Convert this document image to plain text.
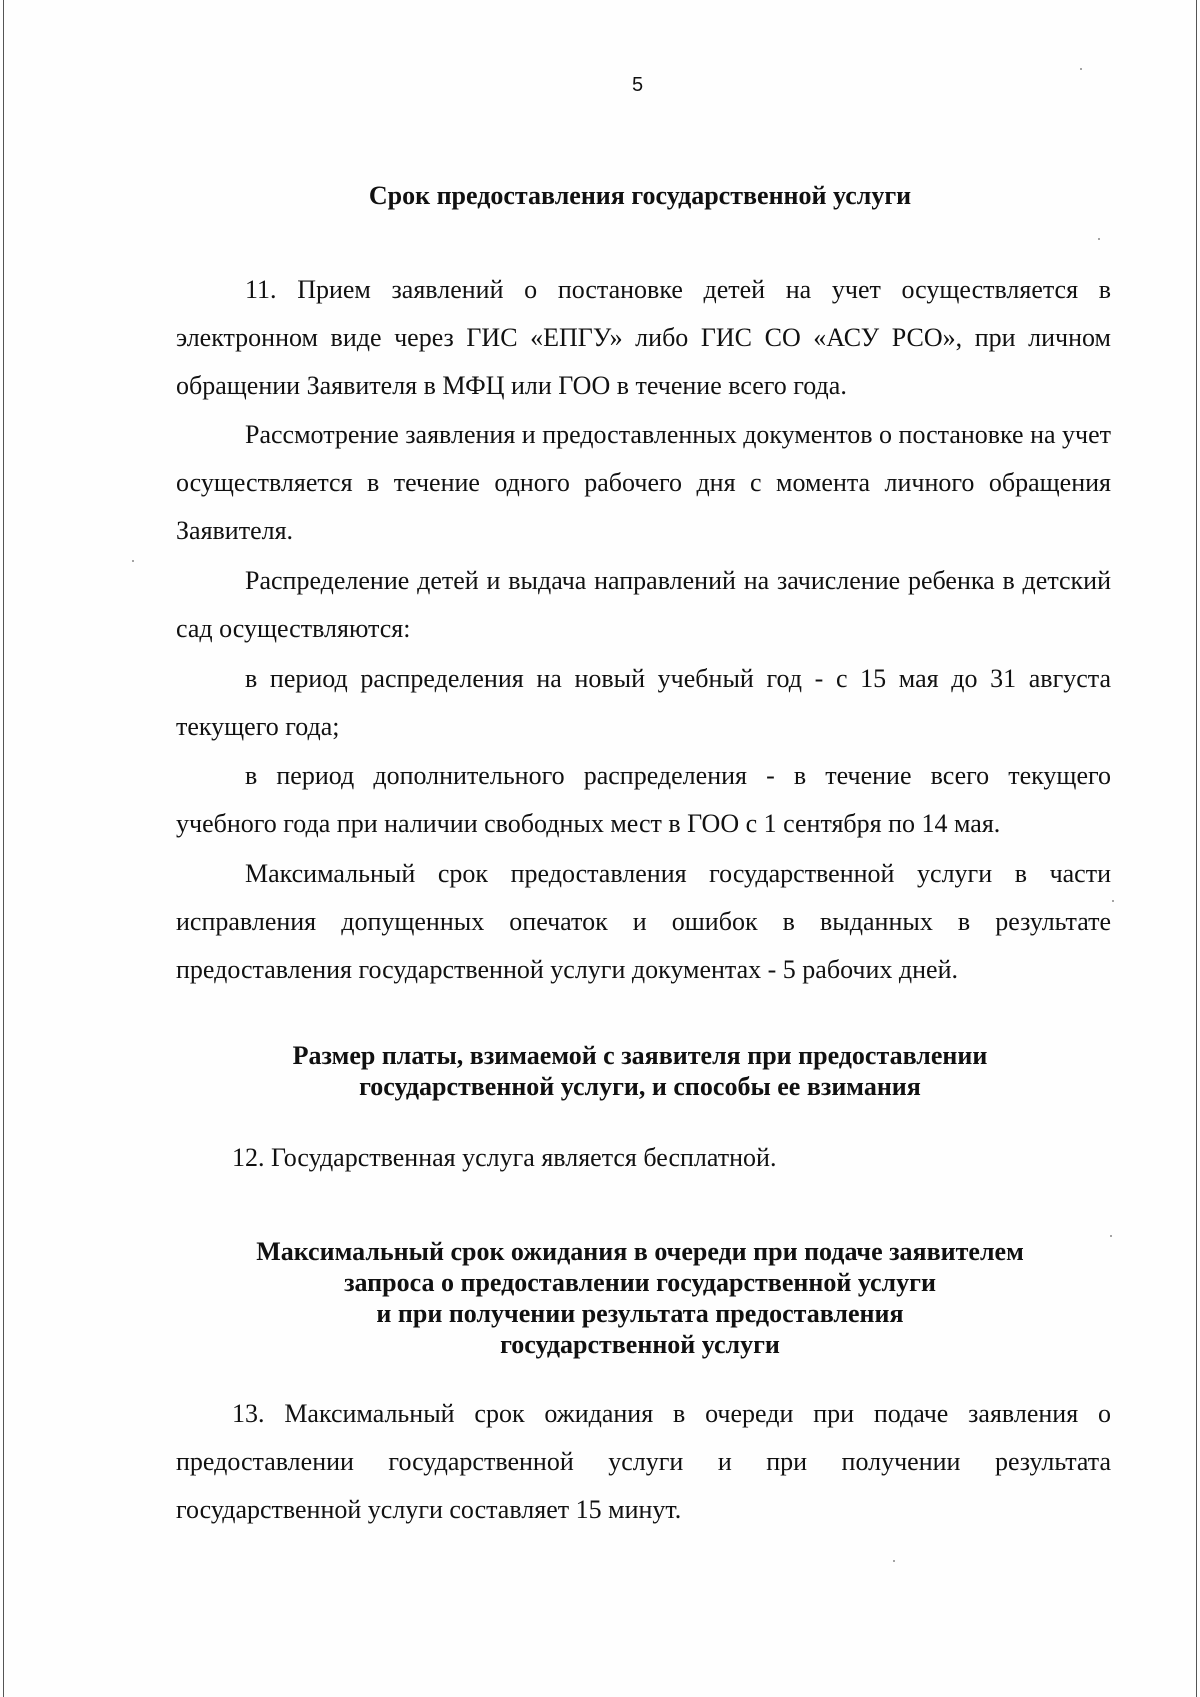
5
Срок предоставления государственной услуги

11. Прием заявлений о постановке детей на учет осуществляется в электронном виде через ГИС «ЕПГУ» либо ГИС СО «АСУ РСО», при личном обращении Заявителя в МФЦ или ГОО в течение всего года.

Рассмотрение заявления и предоставленных документов о постановке на учет осуществляется в течение одного рабочего дня с момента личного обращения Заявителя.

Распределение детей и выдача направлений на зачисление ребенка в детский сад осуществляются:

в период распределения на новый учебный год - с 15 мая до 31 августа текущего года;

в период дополнительного распределения - в течение всего текущего учебного года при наличии свободных мест в ГОО с 1 сентября по 14 мая.

Максимальный срок предоставления государственной услуги в части исправления допущенных опечаток и ошибок в выданных в результате предоставления государственной услуги документах - 5 рабочих дней.

Размер платы, взимаемой с заявителя при предоставлении
государственной услуги, и способы ее взимания

12. Государственная услуга является бесплатной.

Максимальный срок ожидания в очереди при подаче заявителем
запроса о предоставлении государственной услуги
и при получении результата предоставления
государственной услуги

13. Максимальный срок ожидания в очереди при подаче заявления о предоставлении государственной услуги и при получении результата государственной услуги составляет 15 минут.
